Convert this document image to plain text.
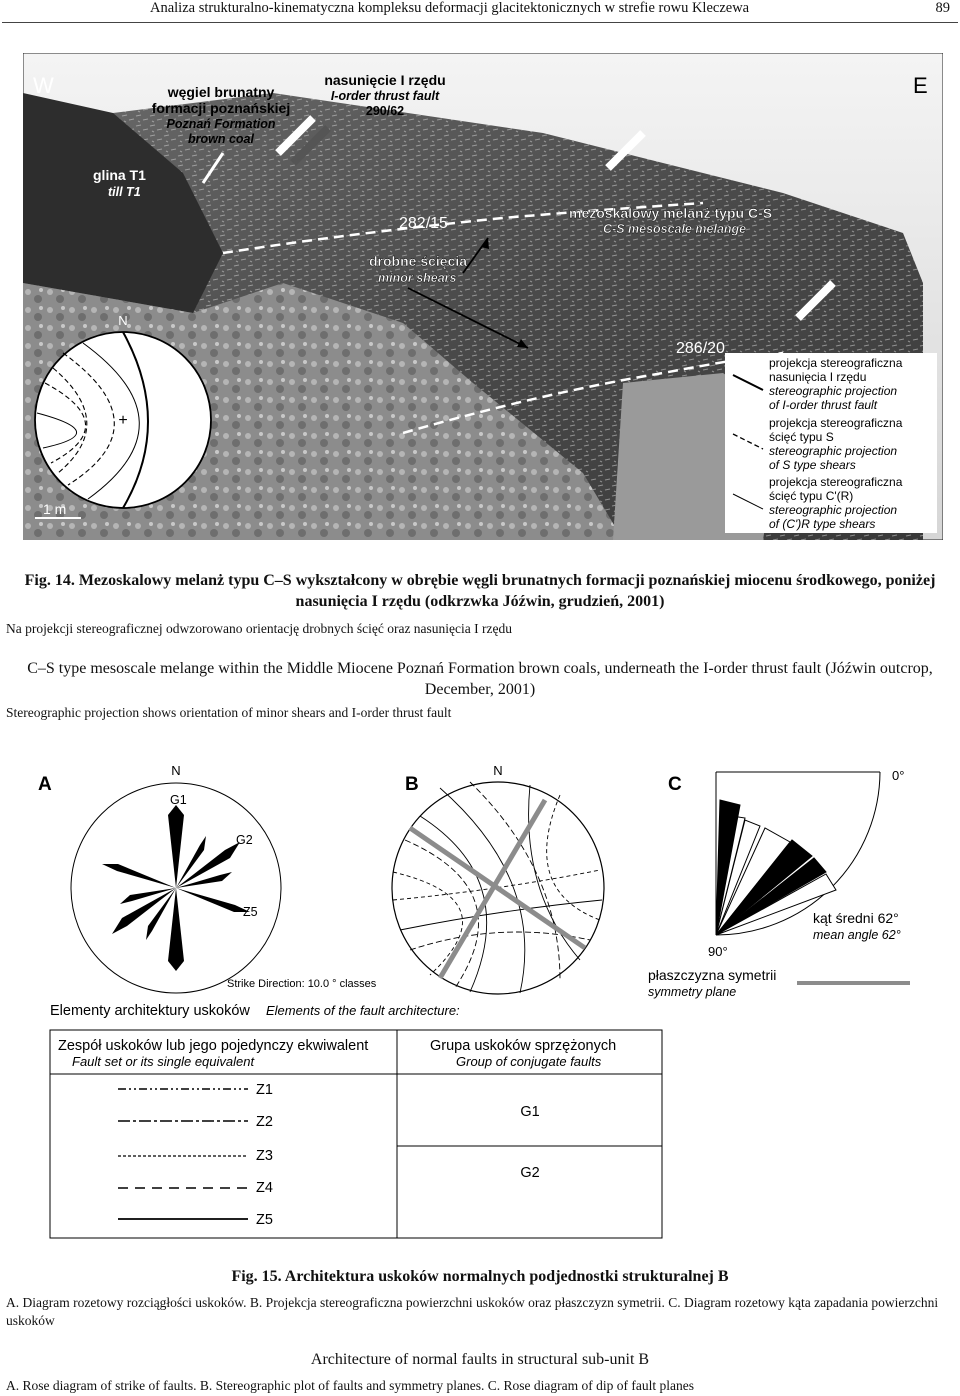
Analiza strukturalno-kinematyczna kompleksu deformacji glacitektonicznych w strefie rowu Kleczewa	89
N
+
1 m
W	E
węgiel brunatny
formacji poznańskiej
Poznań Formation
brown coal
nasunięcie I rzędu
I-order thrust fault
290/62
glina T1
till T1
282/15
286/20
mezoskalowy melanż typu C-S
C-S mesoscale melange
drobne ścięcia
minor shears
projekcja stereograficzna
nasunięcia I rzędu
stereographic projection
of I-order thrust fault
projekcja stereograficzna
ścięć typu S
stereographic projection
of S type shears
projekcja stereograficzna
ścięć typu C'(R)
stereographic projection
of (C')R type shears
Fig. 14. Mezoskalowy melanż typu C–S wykształcony w obrębie węgli brunatnych formacji poznańskiej miocenu środkowego, poniżej nasunięcia I rzędu (odkrzwka Jóźwin, grudzień, 2001)
Na projekcji stereograficznej odwzorowano orientację drobnych ścięć oraz nasunięcia I rzędu
C–S type mesoscale melange within the Middle Miocene Poznań Formation brown coals, underneath the I-order thrust fault (Jóźwin outcrop, December, 2001)
Stereographic projection shows orientation of minor shears and I-order thrust fault
A
N
G1
G2
Z5
Strike Direction: 10.0 ° classes
B
N
C	0°
90°
kąt średni 62°
mean angle 62°
płaszczyzna symetrii
symmetry plane
Elementy architektury uskoków Elements of the fault architecture:
Zespół uskoków lub jego pojedynczy ekwiwalent
Fault set or its single equivalent
Grupa uskoków sprzężonych
Group of conjugate faults
Z1
Z2
Z3
Z4
Z5
G1
G2
Fig. 15. Architektura uskoków normalnych podjednostki strukturalnej B
A. Diagram rozetowy rozciągłości uskoków. B. Projekcja stereograficzna powierzchni uskoków oraz płaszczyzn symetrii. C. Diagram rozetowy kąta zapadania powierzchni uskoków
Architecture of normal faults in structural sub-unit B
A. Rose diagram of strike of faults. B. Stereographic plot of faults and symmetry planes. C. Rose diagram of dip of fault planes
